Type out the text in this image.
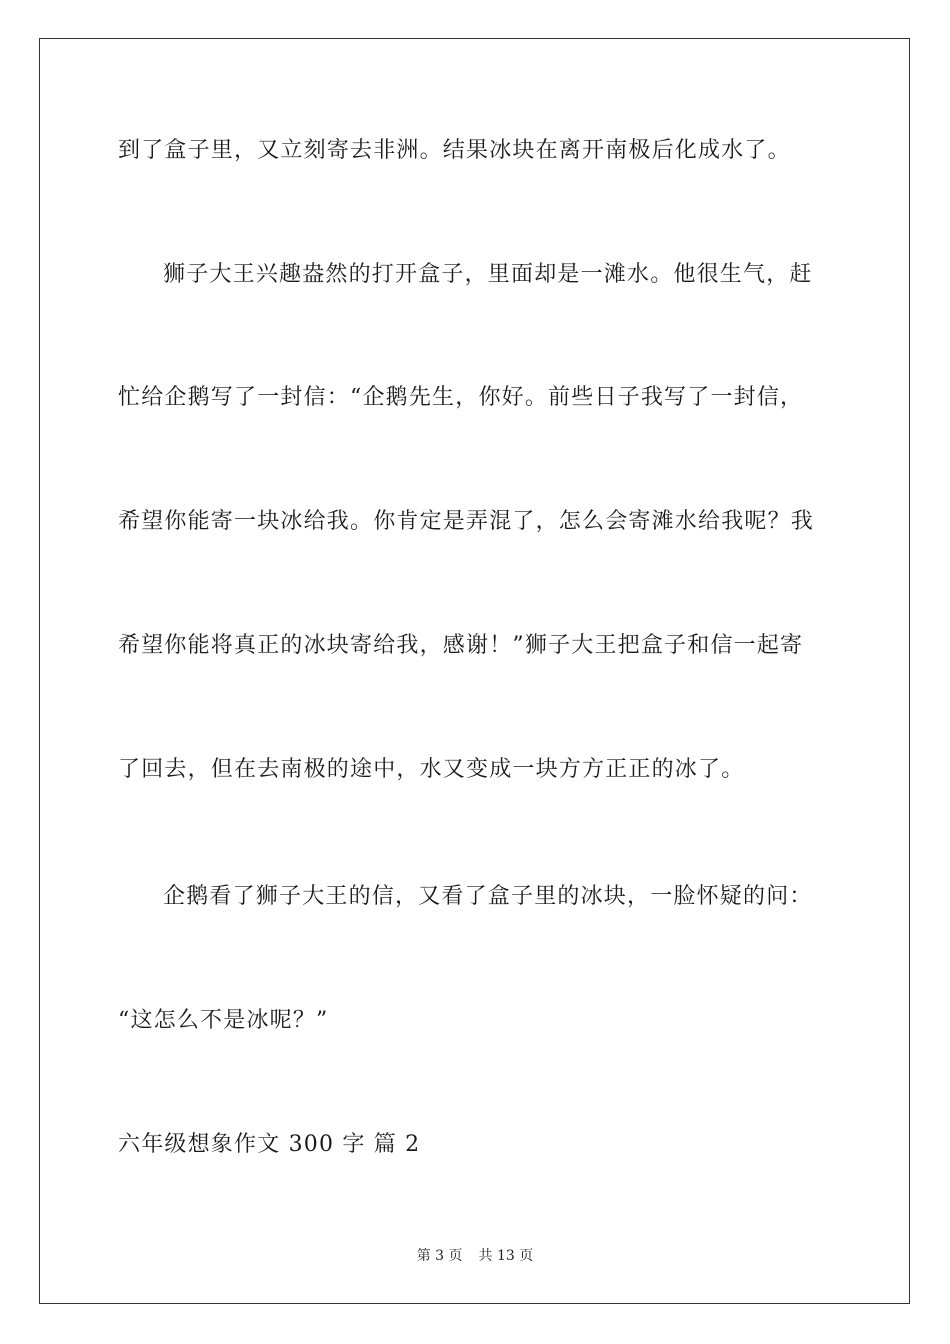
到了盒子里，又立刻寄去非洲。结果冰块在离开南极后化成水了。
狮子大王兴趣盎然的打开盒子，里面却是一滩水。他很生气，赶
忙给企鹅写了一封信：“企鹅先生，你好。前些日子我写了一封信，
希望你能寄一块冰给我。你肯定是弄混了，怎么会寄滩水给我呢？我
希望你能将真正的冰块寄给我，感谢！”狮子大王把盒子和信一起寄
了回去，但在去南极的途中，水又变成一块方方正正的冰了。
企鹅看了狮子大王的信，又看了盒子里的冰块，一脸怀疑的问：
“这怎么不是冰呢？”
六年级想象作文 300 字 篇 2
第 3 页 共 13 页
